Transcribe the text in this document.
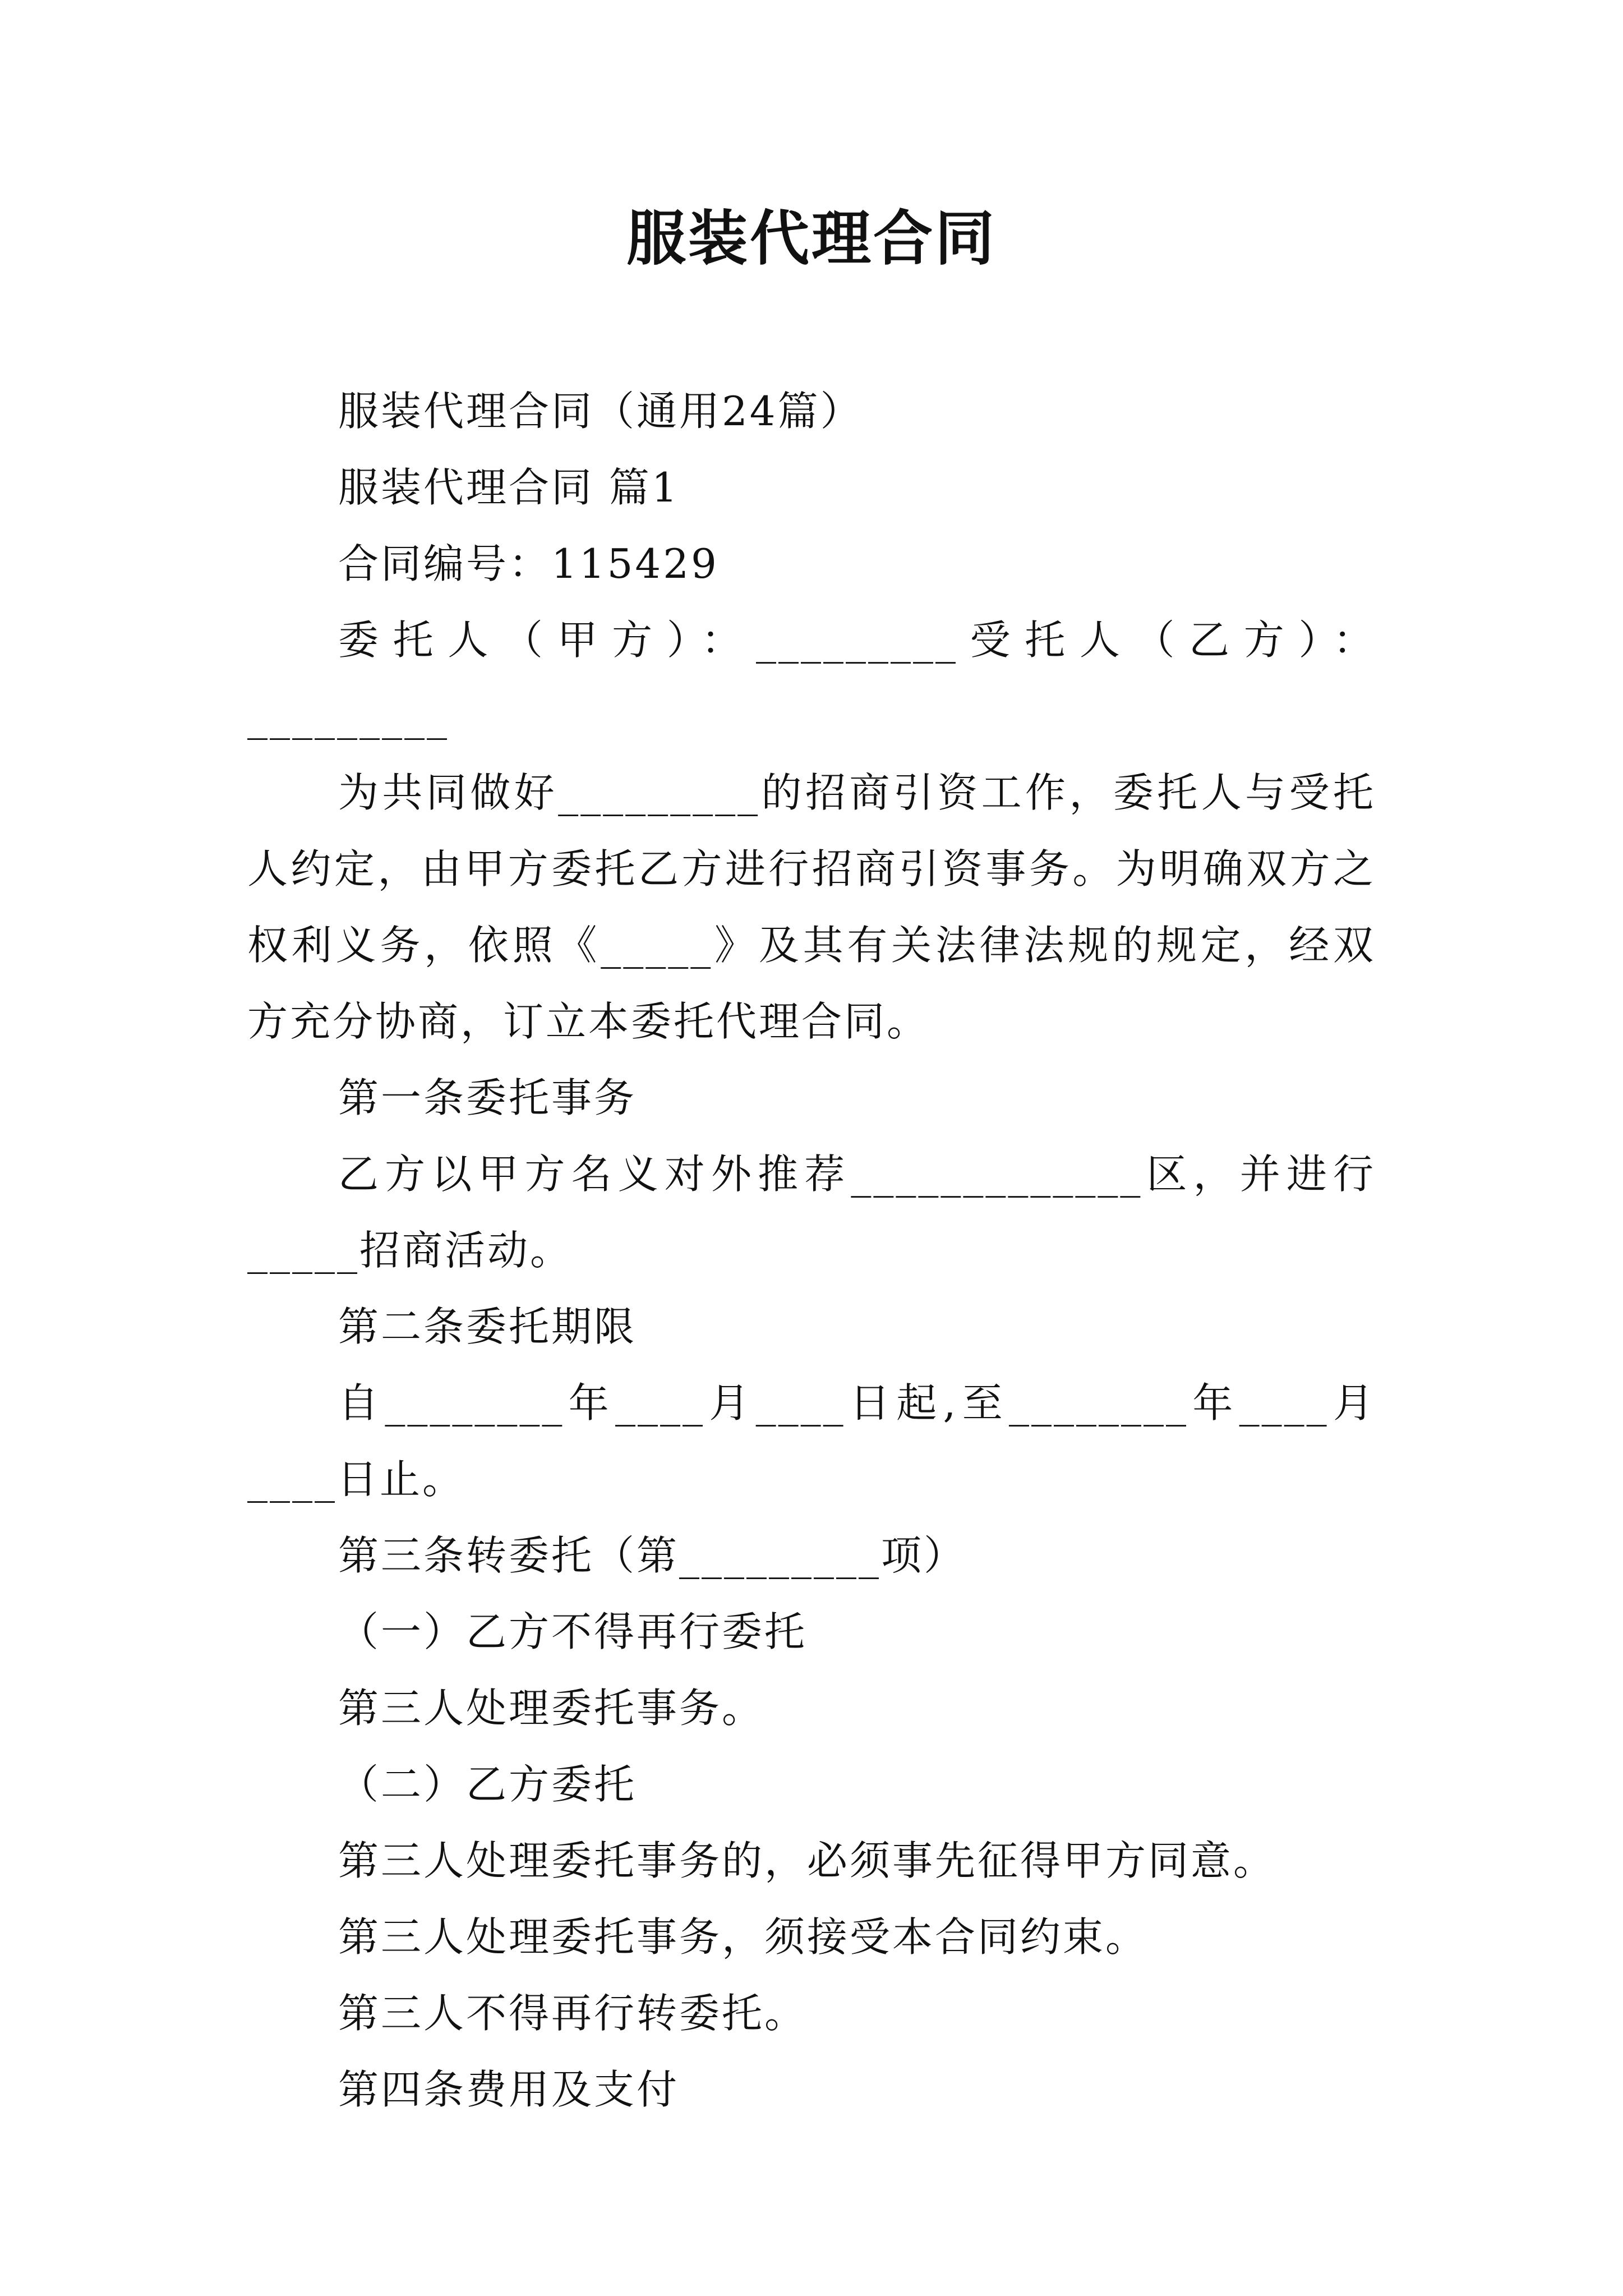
服装代理合同

服装代理合同（通用24篇）

服装代理合同 篇1

合同编号：115429

委托人（甲方）：_________受托人（乙方）：_________

为共同做好_________的招商引资工作，委托人与受托人约定，由甲方委托乙方进行招商引资事务。为明确双方之权利义务，依照《_____》及其有关法律法规的规定，经双方充分协商，订立本委托代理合同。

第一条委托事务

乙方以甲方名义对外推荐_____________区，并进行_____招商活动。

第二条委托期限

自________年____月____日起,至________年____月____日止。

第三条转委托（第_________项）

（一）乙方不得再行委托

第三人处理委托事务。

（二）乙方委托

第三人处理委托事务的，必须事先征得甲方同意。

第三人处理委托事务，须接受本合同约束。

第三人不得再行转委托。

第四条费用及支付
